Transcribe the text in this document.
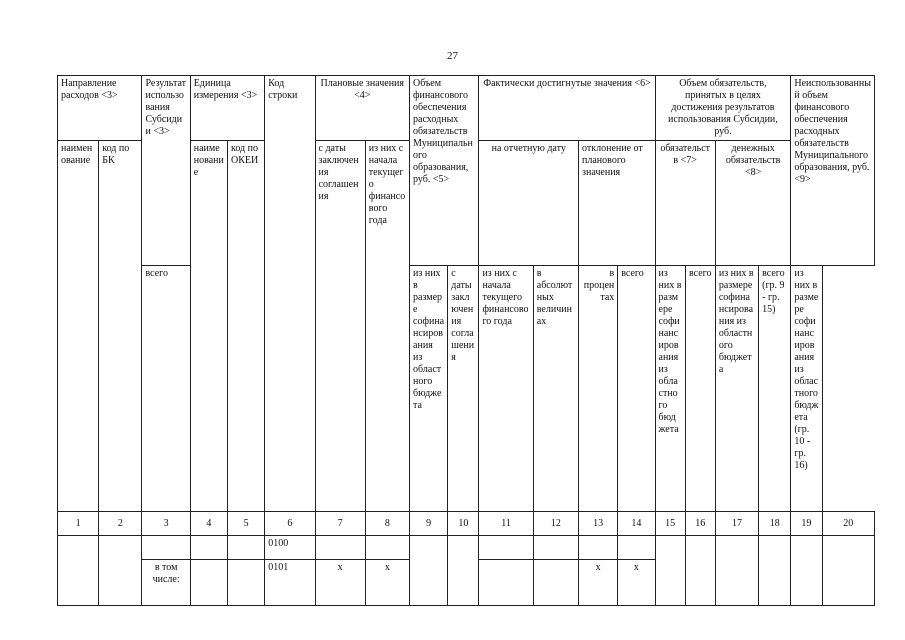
27
Направление расходов <3>		Результат использования Субсидии <3>	Единица измерения <3>		Код строки	Плановые значения <4>		Объем финансового обеспечения расходных обязательств Муниципального образования, руб. <5>		Фактически достигнутые значения <6>				Объем обязательств, принятых в целях достижения результатов использования Субсидии, руб.				Неиспользованный объем финансового обеспечения расходных обязательств Муниципального образования, руб. <9>	
наименование	код по БК		наименование	код по ОКЕИ		с даты заключения соглашения	из них с начала текущего финансового года			на отчетную дату		отклонение от планового значения		обязательств <7>		денежных обязательств <8>			
		всего						из них в размере софинансирования из областного бюджета	с даты заключения соглашения	из них с начала текущего финансового года	в абсолютных величинах	в процентах	всего	из них в размере софинансирования из областного бюджета	всего	из них в размере софинансирования из областного бюджета	всего (гр. 9 - гр. 15)	из них в размере софинансирования из областного бюджета (гр. 10 - гр. 16)	
1	2	3	4	5	6	7	8	9	10	11	12	13	14	15	16	17	18	19	20
					0100														
		в том числе:			0101	x	x					x	x						
